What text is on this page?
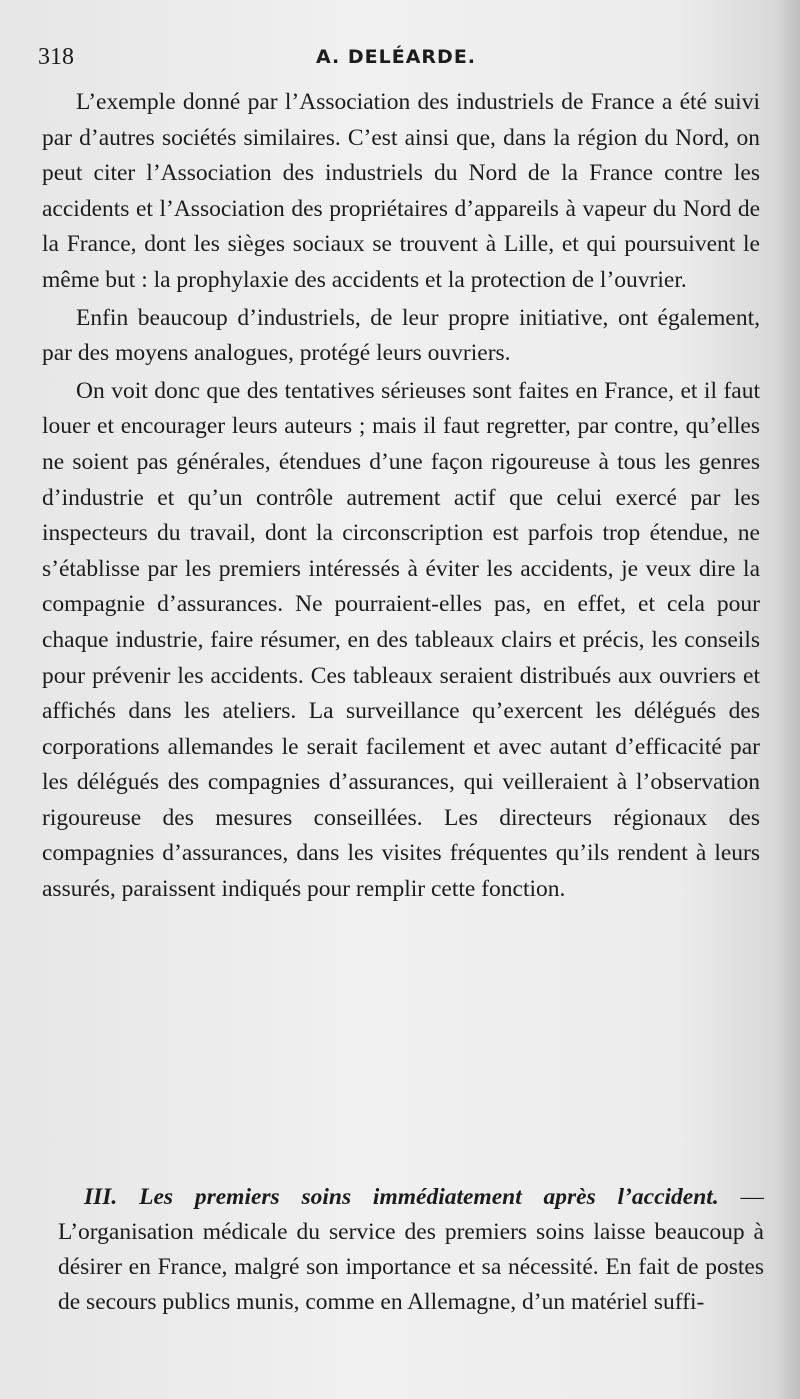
318	A. DELÉARDE.

L’exemple donné par l’Association des industriels de France a été suivi par d’autres sociétés similaires. C’est ainsi que, dans la région du Nord, on peut citer l’Association des industriels du Nord de la France contre les accidents et l’Association des propriétaires d’appareils à vapeur du Nord de la France, dont les sièges sociaux se trouvent à Lille, et qui poursuivent le même but : la prophylaxie des accidents et la protection de l’ouvrier.

Enfin beaucoup d’industriels, de leur propre initiative, ont également, par des moyens analogues, protégé leurs ouvriers.

On voit donc que des tentatives sérieuses sont faites en France, et il faut louer et encourager leurs auteurs ; mais il faut regretter, par contre, qu’elles ne soient pas générales, étendues d’une façon rigoureuse à tous les genres d’industrie et qu’un contrôle autrement actif que celui exercé par les inspecteurs du travail, dont la circonscription est parfois trop étendue, ne s’établisse par les premiers intéressés à éviter les accidents, je veux dire la compagnie d’assurances. Ne pourraient-elles pas, en effet, et cela pour chaque industrie, faire résumer, en des tableaux clairs et précis, les conseils pour prévenir les accidents. Ces tableaux seraient distribués aux ouvriers et affichés dans les ateliers. La surveillance qu’exercent les délégués des corporations allemandes le serait facilement et avec autant d’efficacité par les délégués des compagnies d’assurances, qui veilleraient à l’observation rigoureuse des mesures conseillées. Les directeurs régionaux des compagnies d’assurances, dans les visites fréquentes qu’ils rendent à leurs assurés, paraissent indiqués pour remplir cette fonction.

III. Les premiers soins immédiatement après l’accident. — L’organisation médicale du service des premiers soins laisse beaucoup à désirer en France, malgré son importance et sa nécessité. En fait de postes de secours publics munis, comme en Allemagne, d’un matériel suffi-
